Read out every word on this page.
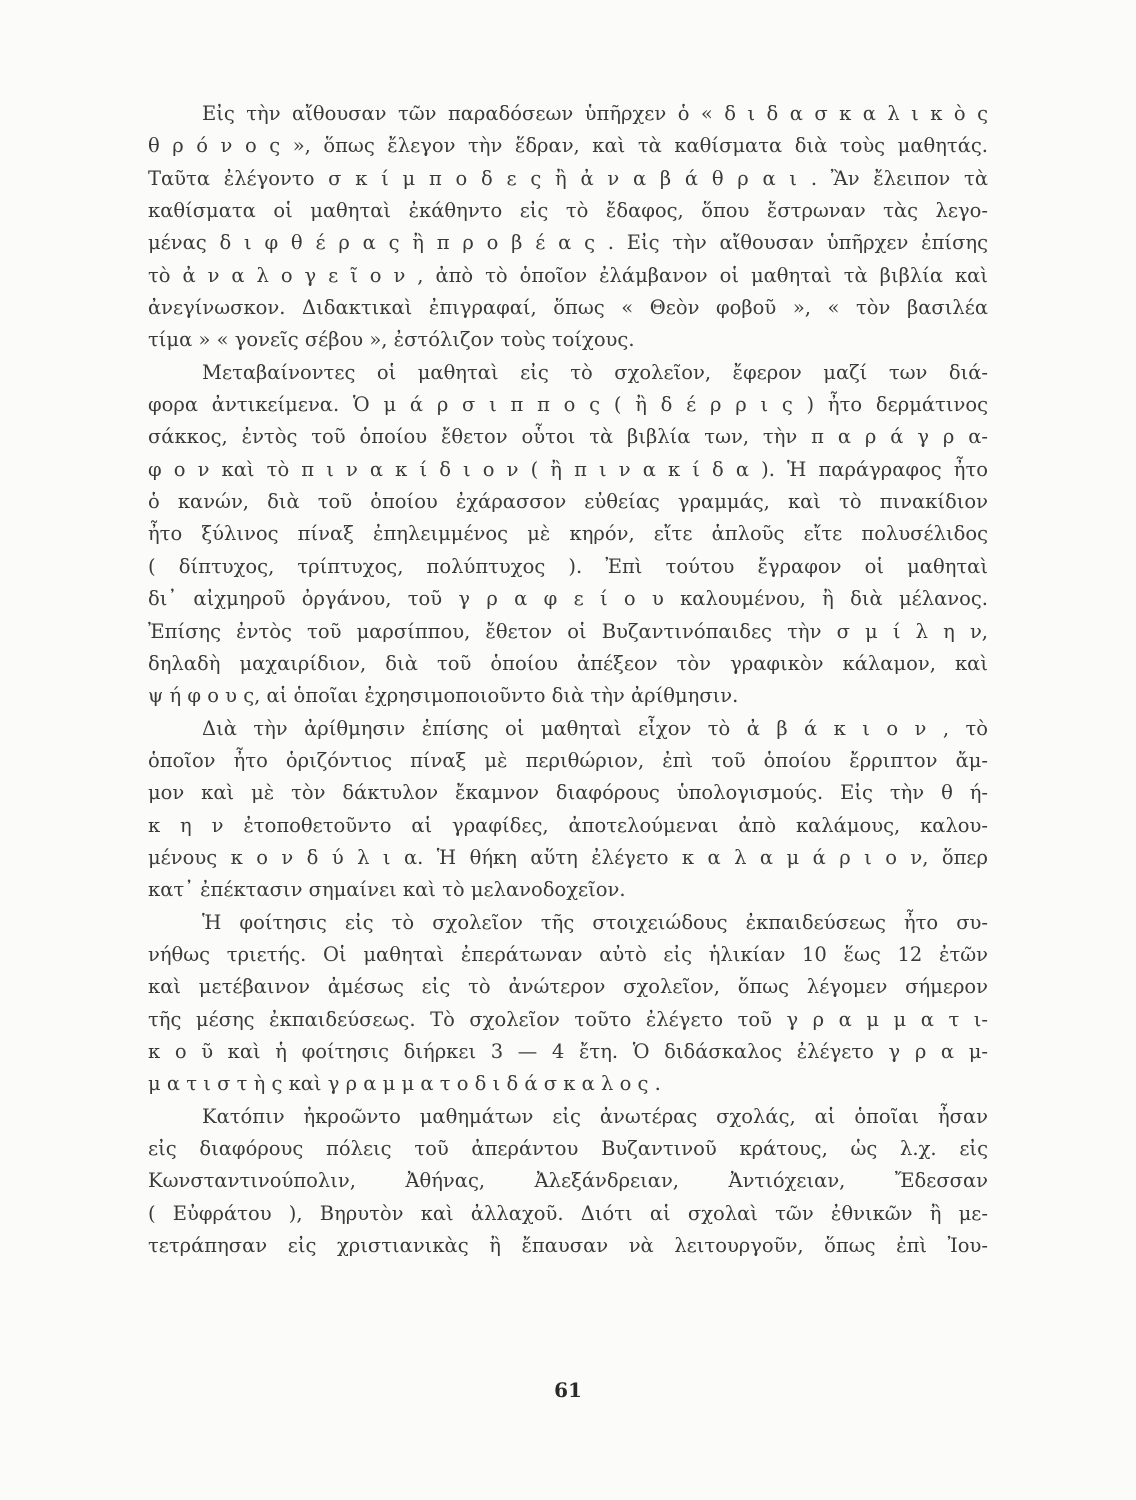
Εἰς τὴν αἴθουσαν τῶν παραδόσεων ὑπῆρχεν ὁ « δ ι δ α σ κ α λ ι κ ὸ ς
θ ρ ό ν ο ς », ὅπως ἔλεγον τὴν ἕδραν, καὶ τὰ καθίσματα διὰ τοὺς μαθητάς.
Ταῦτα ἐλέγοντο σ κ ί μ π ο δ ε ς ἢ ἀ ν α β ά θ ρ α ι . Ἂν ἔλειπον τὰ
καθίσματα οἱ μαθηταὶ ἐκάθηντο εἰς τὸ ἔδαφος, ὅπου ἔστρωναν τὰς λεγο-
μένας δ ι φ θ έ ρ α ς ἢ π ρ ο β έ α ς . Εἰς τὴν αἴθουσαν ὑπῆρχεν ἐπίσης
τὸ ἀ ν α λ ο γ ε ῖ ο ν , ἀπὸ τὸ ὁποῖον ἐλάμβανον οἱ μαθηταὶ τὰ βιβλία καὶ
ἀνεγίνωσκον. Διδακτικαὶ ἐπιγραφαί, ὅπως « Θεὸν φοβοῦ », « τὸν βασιλέα
τίμα » « γονεῖς σέβου », ἐστόλιζον τοὺς τοίχους.
Μεταβαίνοντες οἱ μαθηταὶ εἰς τὸ σχολεῖον, ἔφερον μαζί των διά-
φορα ἀντικείμενα. Ὁ μ ά ρ σ ι π π ο ς ( ἢ δ έ ρ ρ ι ς ) ἦτο δερμάτινος
σάκκος, ἐντὸς τοῦ ὁποίου ἔθετον οὗτοι τὰ βιβλία των, τὴν π α ρ ά γ ρ α-
φ ο ν καὶ τὸ π ι ν α κ ί δ ι ο ν ( ἢ π ι ν α κ ί δ α ). Ἡ παράγραφος ἦτο
ὁ κανών, διὰ τοῦ ὁποίου ἐχάρασσον εὐθείας γραμμάς, καὶ τὸ πινακίδιον
ἦτο ξύλινος πίναξ ἐπηλειμμένος μὲ κηρόν, εἴτε ἁπλοῦς εἴτε πολυσέλιδος
( δίπτυχος, τρίπτυχος, πολύπτυχος ). Ἐπὶ τούτου ἔγραφον οἱ μαθηταὶ
δι᾽ αἰχμηροῦ ὀργάνου, τοῦ γ ρ α φ ε ί ο υ καλουμένου, ἢ διὰ μέλανος.
Ἐπίσης ἐντὸς τοῦ μαρσίππου, ἔθετον οἱ Βυζαντινόπαιδες τὴν σ μ ί λ η ν,
δηλαδὴ μαχαιρίδιον, διὰ τοῦ ὁποίου ἀπέξεον τὸν γραφικὸν κάλαμον, καὶ
ψ ή φ ο υ ς, αἱ ὁποῖαι ἐχρησιμοποιοῦντο διὰ τὴν ἀρίθμησιν.
Διὰ τὴν ἀρίθμησιν ἐπίσης οἱ μαθηταὶ εἶχον τὸ ἀ β ά κ ι ο ν , τὸ
ὁποῖον ἦτο ὁριζόντιος πίναξ μὲ περιθώριον, ἐπὶ τοῦ ὁποίου ἔρριπτον ἄμ-
μον καὶ μὲ τὸν δάκτυλον ἔκαμνον διαφόρους ὑπολογισμούς. Εἰς τὴν θ ή-
κ η ν ἐτοποθετοῦντο αἱ γραφίδες, ἀποτελούμεναι ἀπὸ καλάμους, καλου-
μένους κ ο ν δ ύ λ ι α. Ἡ θήκη αὕτη ἐλέγετο κ α λ α μ ά ρ ι ο ν, ὅπερ
κατ᾽ ἐπέκτασιν σημαίνει καὶ τὸ μελανοδοχεῖον.
Ἡ φοίτησις εἰς τὸ σχολεῖον τῆς στοιχειώδους ἐκπαιδεύσεως ἦτο συ-
νήθως τριετής. Οἱ μαθηταὶ ἐπεράτωναν αὐτὸ εἰς ἡλικίαν 10 ἕως 12 ἐτῶν
καὶ μετέβαινον ἀμέσως εἰς τὸ ἀνώτερον σχολεῖον, ὅπως λέγομεν σήμερον
τῆς μέσης ἐκπαιδεύσεως. Τὸ σχολεῖον τοῦτο ἐλέγετο τοῦ γ ρ α μ μ α τ ι-
κ ο ῦ καὶ ἡ φοίτησις διήρκει 3 — 4 ἔτη. Ὁ διδάσκαλος ἐλέγετο γ ρ α μ-
μ α τ ι σ τ ὴ ς καὶ γ ρ α μ μ α τ ο δ ι δ ά σ κ α λ ο ς .
Κατόπιν ἠκροῶντο μαθημάτων εἰς ἀνωτέρας σχολάς, αἱ ὁποῖαι ἦσαν
εἰς διαφόρους πόλεις τοῦ ἀπεράντου Βυζαντινοῦ κράτους, ὡς λ.χ. εἰς
Κωνσταντινούπολιν, Ἀθήνας, Ἀλεξάνδρειαν, Ἀντιόχειαν, Ἔδεσσαν
( Εὐφράτου ), Βηρυτὸν καὶ ἀλλαχοῦ. Διότι αἱ σχολαὶ τῶν ἐθνικῶν ἢ με-
τετράπησαν εἰς χριστιανικὰς ἢ ἔπαυσαν νὰ λειτουργοῦν, ὅπως ἐπὶ Ἰου-
61
